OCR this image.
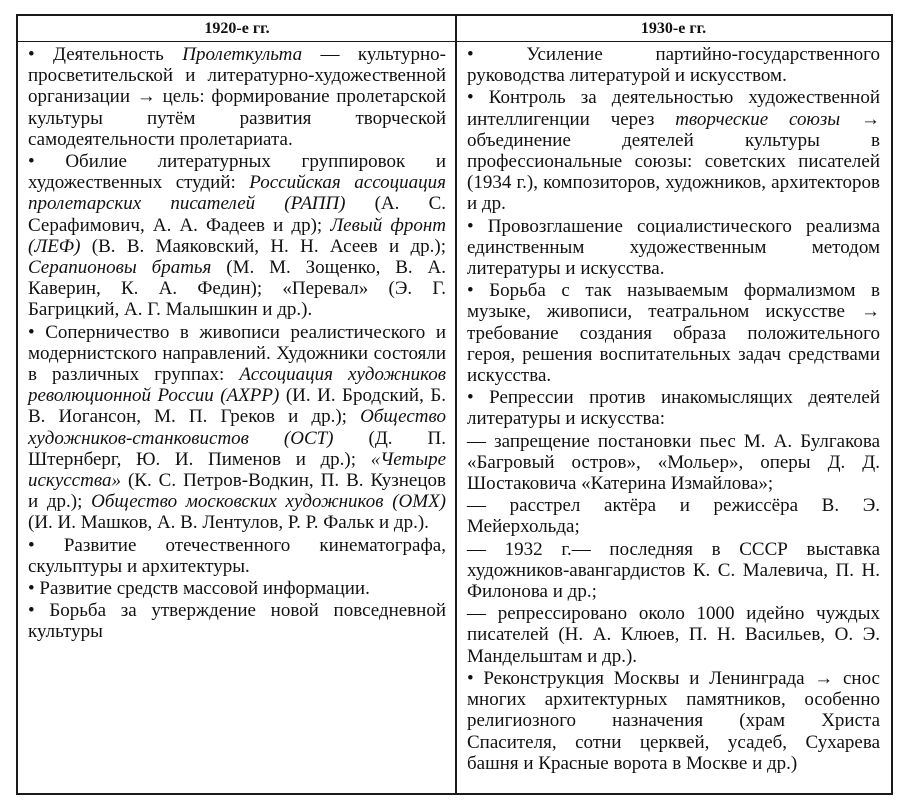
1920-е гг.	1930-е гг.

• Деятельность Пролеткульта — культурно-просветительской и литературно-художественной организации → цель: формирование пролетарской культуры путём развития творческой самодеятельности пролетариата.

• Обилие литературных группировок и художественных студий: Российская ассоциация пролетарских писателей (РАПП) (А. С. Серафимович, А. А. Фадеев и др); Левый фронт (ЛЕФ) (В. В. Маяковский, Н. Н. Асеев и др.); Серапионовы братья (М. М. Зощенко, В. А. Каверин, К. А. Федин); «Перевал» (Э. Г. Багрицкий, А. Г. Малышкин и др.).

• Соперничество в живописи реалистического и модернистского направлений. Художники состояли в различных группах: Ассоциация художников революционной России (АХРР) (И. И. Бродский, Б. В. Иогансон, М. П. Греков и др.); Общество художников-станковистов (ОСТ) (Д. П. Штернберг, Ю. И. Пименов и др.); «Четыре искусства» (К. С. Петров-Водкин, П. В. Кузнецов и др.); Общество московских художников (ОМХ) (И. И. Машков, А. В. Лентулов, Р. Р. Фальк и др.).

• Развитие отечественного кинематографа, скульптуры и архитектуры.

• Развитие средств массовой информации.

• Борьба за утверждение новой повседневной культуры

• Усиление партийно-государственного руководства литературой и искусством.

• Контроль за деятельностью художественной интеллигенции через творческие союзы → объединение деятелей культуры в профессиональные союзы: советских писателей (1934 г.), композиторов, художников, архитекторов и др.

• Провозглашение социалистического реализма единственным художественным методом литературы и искусства.

• Борьба с так называемым формализмом в музыке, живописи, театральном искусстве → требование создания образа положительного героя, решения воспитательных задач средствами искусства.

• Репрессии против инакомыслящих деятелей литературы и искусства:

— запрещение постановки пьес М. А. Булгакова «Багровый остров», «Мольер», оперы Д. Д. Шостаковича «Катерина Измайлова»;

— расстрел актёра и режиссёра В. Э. Мейерхольда;

— 1932 г.— последняя в СССР выставка художников-авангардистов К. С. Малевича, П. Н. Филонова и др.;

— репрессировано около 1000 идейно чуждых писателей (Н. А. Клюев, П. Н. Васильев, О. Э. Мандельштам и др.).

• Реконструкция Москвы и Ленинграда → снос многих архитектурных памятников, особенно религиозного назначения (храм Христа Спасителя, сотни церквей, усадеб, Сухарева башня и Красные ворота в Москве и др.)
